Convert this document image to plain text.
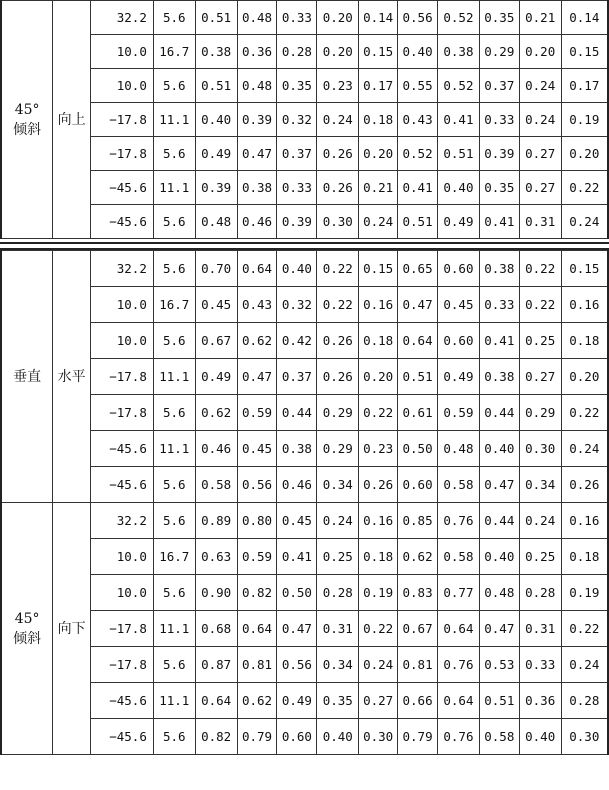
45°
倾斜	向上	32.2	5.6	0.51	0.48	0.33	0.20	0.14	0.56	0.52	0.35	0.21	0.14
		10.0	16.7	0.38	0.36	0.28	0.20	0.15	0.40	0.38	0.29	0.20	0.15
		10.0	5.6	0.51	0.48	0.35	0.23	0.17	0.55	0.52	0.37	0.24	0.17
		−17.8	11.1	0.40	0.39	0.32	0.24	0.18	0.43	0.41	0.33	0.24	0.19
		−17.8	5.6	0.49	0.47	0.37	0.26	0.20	0.52	0.51	0.39	0.27	0.20
		−45.6	11.1	0.39	0.38	0.33	0.26	0.21	0.41	0.40	0.35	0.27	0.22
		−45.6	5.6	0.48	0.46	0.39	0.30	0.24	0.51	0.49	0.41	0.31	0.24
垂直	水平	32.2	5.6	0.70	0.64	0.40	0.22	0.15	0.65	0.60	0.38	0.22	0.15
		10.0	16.7	0.45	0.43	0.32	0.22	0.16	0.47	0.45	0.33	0.22	0.16
		10.0	5.6	0.67	0.62	0.42	0.26	0.18	0.64	0.60	0.41	0.25	0.18
		−17.8	11.1	0.49	0.47	0.37	0.26	0.20	0.51	0.49	0.38	0.27	0.20
		−17.8	5.6	0.62	0.59	0.44	0.29	0.22	0.61	0.59	0.44	0.29	0.22
		−45.6	11.1	0.46	0.45	0.38	0.29	0.23	0.50	0.48	0.40	0.30	0.24
		−45.6	5.6	0.58	0.56	0.46	0.34	0.26	0.60	0.58	0.47	0.34	0.26

45°
倾斜	向下	32.2	5.6	0.89	0.80	0.45	0.24	0.16	0.85	0.76	0.44	0.24	0.16
		10.0	16.7	0.63	0.59	0.41	0.25	0.18	0.62	0.58	0.40	0.25	0.18
		10.0	5.6	0.90	0.82	0.50	0.28	0.19	0.83	0.77	0.48	0.28	0.19
		−17.8	11.1	0.68	0.64	0.47	0.31	0.22	0.67	0.64	0.47	0.31	0.22
		−17.8	5.6	0.87	0.81	0.56	0.34	0.24	0.81	0.76	0.53	0.33	0.24
		−45.6	11.1	0.64	0.62	0.49	0.35	0.27	0.66	0.64	0.51	0.36	0.28
		−45.6	5.6	0.82	0.79	0.60	0.40	0.30	0.79	0.76	0.58	0.40	0.30
